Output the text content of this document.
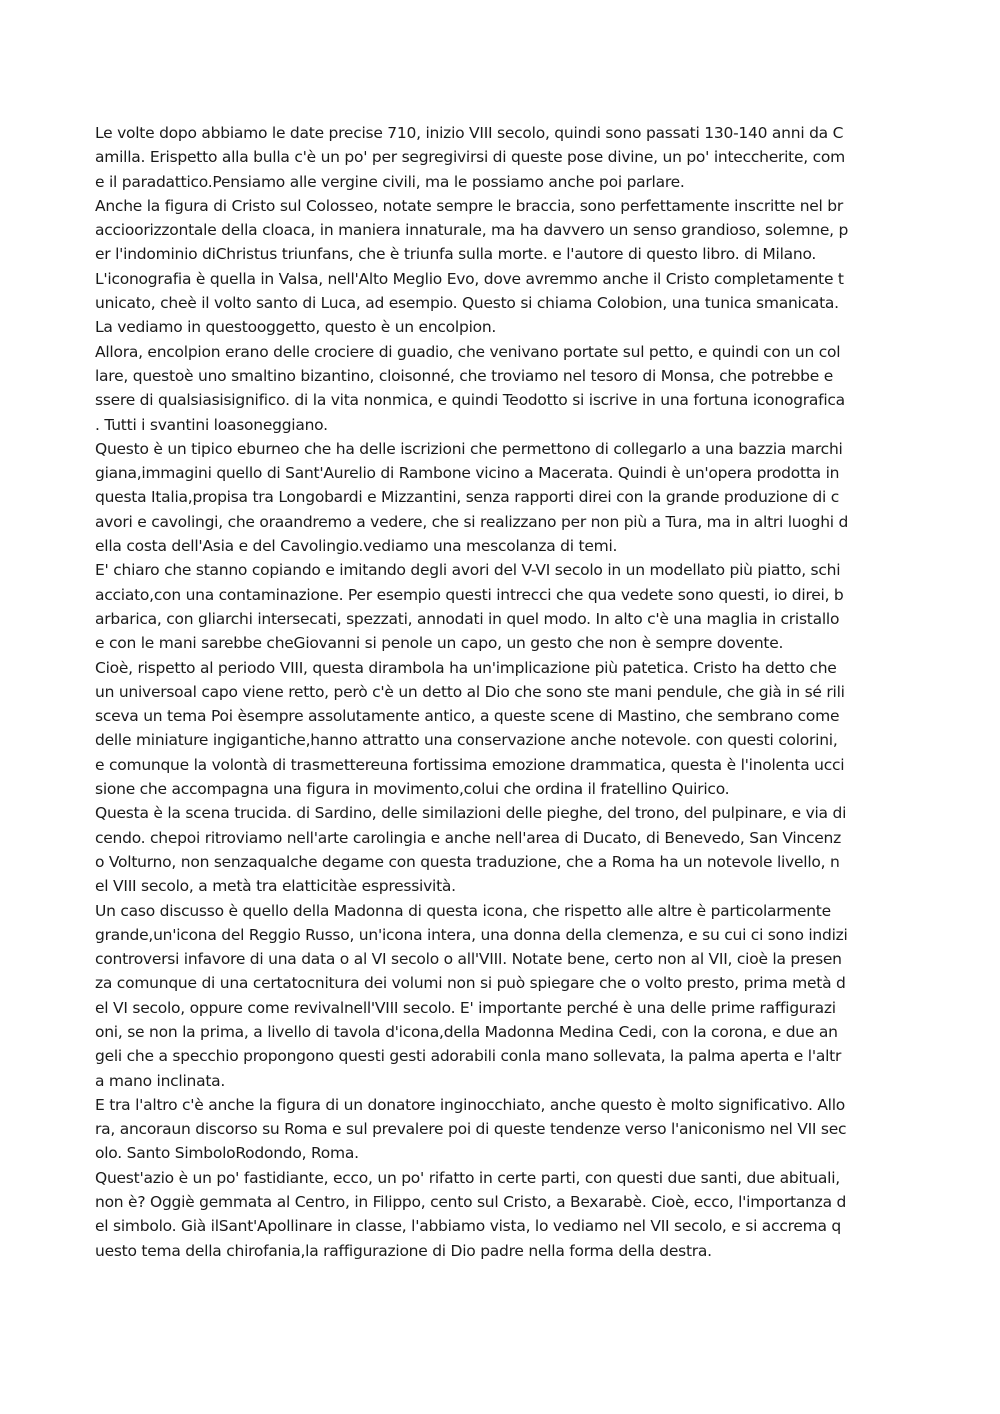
Le volte dopo abbiamo le date precise 710, inizio VIII secolo, quindi sono passati 130-140 anni da C
amilla. Erispetto alla bulla c'è un po' per segregivirsi di queste pose divine, un po' inteccherite, com
e il paradattico.Pensiamo alle vergine civili, ma le possiamo anche poi parlare.
Anche la figura di Cristo sul Colosseo, notate sempre le braccia, sono perfettamente inscritte nel br
accioorizzontale della cloaca, in maniera innaturale, ma ha davvero un senso grandioso, solemne, p
er l'indominio diChristus triunfans, che è triunfa sulla morte. e l'autore di questo libro. di Milano.
L'iconografia è quella in Valsa, nell'Alto Meglio Evo, dove avremmo anche il Cristo completamente t
unicato, cheè il volto santo di Luca, ad esempio. Questo si chiama Colobion, una tunica smanicata.
La vediamo in questooggetto, questo è un encolpion.
Allora, encolpion erano delle crociere di guadio, che venivano portate sul petto, e quindi con un col
lare, questoè uno smaltino bizantino, cloisonné, che troviamo nel tesoro di Monsa, che potrebbe e
ssere di qualsiasisignifico. di la vita nonmica, e quindi Teodotto si iscrive in una fortuna iconografica
. Tutti i svantini loasoneggiano.
Questo è un tipico eburneo che ha delle iscrizioni che permettono di collegarlo a una bazzia marchi
giana,immagini quello di Sant'Aurelio di Rambone vicino a Macerata. Quindi è un'opera prodotta in
questa Italia,propisa tra Longobardi e Mizzantini, senza rapporti direi con la grande produzione di c
avori e cavolingi, che oraandremo a vedere, che si realizzano per non più a Tura, ma in altri luoghi d
ella costa dell'Asia e del Cavolingio.vediamo una mescolanza di temi.
E' chiaro che stanno copiando e imitando degli avori del V-VI secolo in un modellato più piatto, schi
acciato,con una contaminazione. Per esempio questi intrecci che qua vedete sono questi, io direi, b
arbarica, con gliarchi intersecati, spezzati, annodati in quel modo. In alto c'è una maglia in cristallo
e con le mani sarebbe cheGiovanni si penole un capo, un gesto che non è sempre dovente.
Cioè, rispetto al periodo VIII, questa dirambola ha un'implicazione più patetica. Cristo ha detto che
un universoal capo viene retto, però c'è un detto al Dio che sono ste mani pendule, che già in sé rili
sceva un tema Poi èsempre assolutamente antico, a queste scene di Mastino, che sembrano come
delle miniature ingigantiche,hanno attratto una conservazione anche notevole. con questi colorini,
e comunque la volontà di trasmettereuna fortissima emozione drammatica, questa è l'inolenta ucci
sione che accompagna una figura in movimento,colui che ordina il fratellino Quirico.
Questa è la scena trucida. di Sardino, delle similazioni delle pieghe, del trono, del pulpinare, e via di
cendo. chepoi ritroviamo nell'arte carolingia e anche nell'area di Ducato, di Benevedo, San Vincenz
o Volturno, non senzaqualche degame con questa traduzione, che a Roma ha un notevole livello, n
el VIII secolo, a metà tra elatticitàe espressività.
Un caso discusso è quello della Madonna di questa icona, che rispetto alle altre è particolarmente
grande,un'icona del Reggio Russo, un'icona intera, una donna della clemenza, e su cui ci sono indizi
controversi infavore di una data o al VI secolo o all'VIII. Notate bene, certo non al VII, cioè la presen
za comunque di una certatocnitura dei volumi non si può spiegare che o volto presto, prima metà d
el VI secolo, oppure come revivalnell'VIII secolo. E' importante perché è una delle prime raffigurazi
oni, se non la prima, a livello di tavola d'icona,della Madonna Medina Cedi, con la corona, e due an
geli che a specchio propongono questi gesti adorabili conla mano sollevata, la palma aperta e l'altr
a mano inclinata.
E tra l'altro c'è anche la figura di un donatore inginocchiato, anche questo è molto significativo. Allo
ra, ancoraun discorso su Roma e sul prevalere poi di queste tendenze verso l'aniconismo nel VII sec
olo. Santo SimboloRodondo, Roma.
Quest'azio è un po' fastidiante, ecco, un po' rifatto in certe parti, con questi due santi, due abituali,
non è? Oggiè gemmata al Centro, in Filippo, cento sul Cristo, a Bexarabè. Cioè, ecco, l'importanza d
el simbolo. Già ilSant'Apollinare in classe, l'abbiamo vista, lo vediamo nel VII secolo, e si accrema q
uesto tema della chirofania,la raffigurazione di Dio padre nella forma della destra.
